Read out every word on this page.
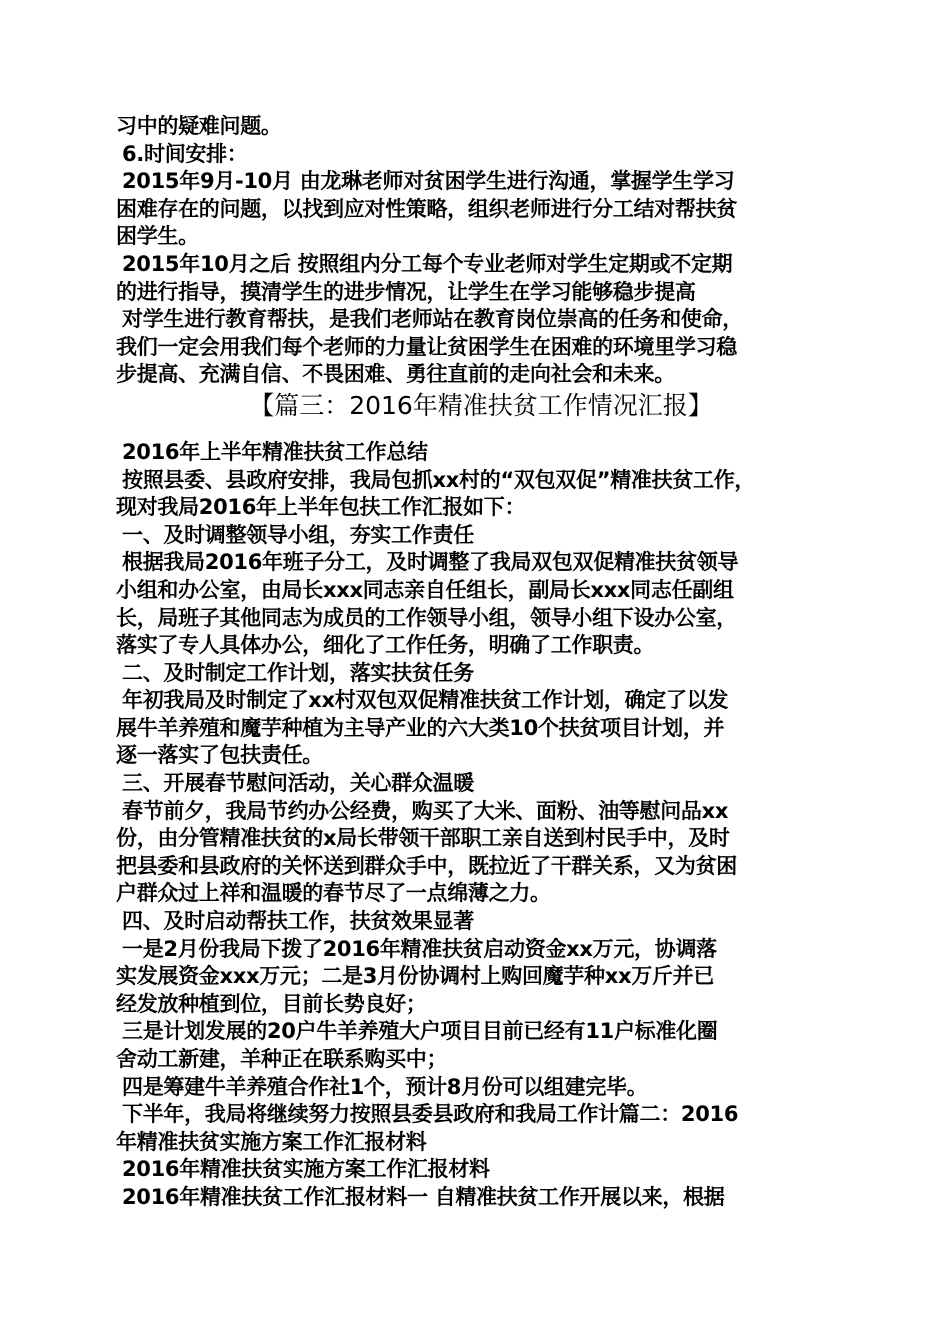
习中的疑难问题。
6.时间安排：
2015年9月-10月 由龙琳老师对贫困学生进行沟通，掌握学生学习
困难存在的问题，以找到应对性策略，组织老师进行分工结对帮扶贫
困学生。
2015年10月之后 按照组内分工每个专业老师对学生定期或不定期
的进行指导，摸清学生的进步情况，让学生在学习能够稳步提高
对学生进行教育帮扶，是我们老师站在教育岗位崇高的任务和使命，
我们一定会用我们每个老师的力量让贫困学生在困难的环境里学习稳
步提高、充满自信、不畏困难、勇往直前的走向社会和未来。
【篇三：2016年精准扶贫工作情况汇报】
2016年上半年精准扶贫工作总结
按照县委、县政府安排，我局包抓xx村的“双包双促”精准扶贫工作，
现对我局2016年上半年包扶工作汇报如下：
一、及时调整领导小组，夯实工作责任
根据我局2016年班子分工，及时调整了我局双包双促精准扶贫领导
小组和办公室，由局长xxx同志亲自任组长，副局长xxx同志任副组
长，局班子其他同志为成员的工作领导小组，领导小组下设办公室，
落实了专人具体办公，细化了工作任务，明确了工作职责。
二、及时制定工作计划，落实扶贫任务
年初我局及时制定了xx村双包双促精准扶贫工作计划，确定了以发
展牛羊养殖和魔芋种植为主导产业的六大类10个扶贫项目计划，并
逐一落实了包扶责任。
三、开展春节慰问活动，关心群众温暖
春节前夕，我局节约办公经费，购买了大米、面粉、油等慰问品xx
份，由分管精准扶贫的x局长带领干部职工亲自送到村民手中，及时
把县委和县政府的关怀送到群众手中，既拉近了干群关系，又为贫困
户群众过上祥和温暖的春节尽了一点绵薄之力。
四、及时启动帮扶工作，扶贫效果显著
一是2月份我局下拨了2016年精准扶贫启动资金xx万元，协调落
实发展资金xxx万元；二是3月份协调村上购回魔芋种xx万斤并已
经发放种植到位，目前长势良好；
三是计划发展的20户牛羊养殖大户项目目前已经有11户标准化圈
舍动工新建，羊种正在联系购买中；
四是筹建牛羊养殖合作社1个，预计8月份可以组建完毕。
下半年，我局将继续努力按照县委县政府和我局工作计篇二：2016
年精准扶贫实施方案工作汇报材料
2016年精准扶贫实施方案工作汇报材料
2016年精准扶贫工作汇报材料一 自精准扶贫工作开展以来，根据
